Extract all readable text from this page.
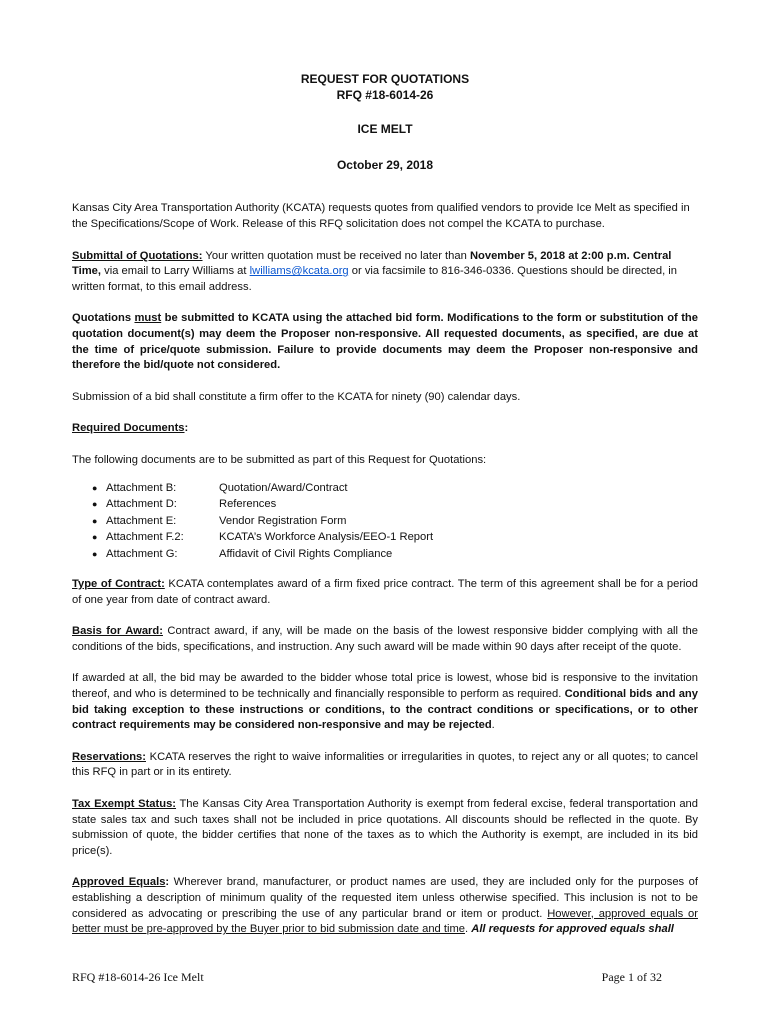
REQUEST FOR QUOTATIONS
RFQ #18-6014-26
ICE MELT
October 29, 2018

Kansas City Area Transportation Authority (KCATA) requests quotes from qualified vendors to provide Ice Melt as specified in the Specifications/Scope of Work. Release of this RFQ solicitation does not compel the KCATA to purchase.

Submittal of Quotations: Your written quotation must be received no later than November 5, 2018 at 2:00 p.m. Central Time, via email to Larry Williams at lwilliams@kcata.org or via facsimile to 816-346-0336. Questions should be directed, in written format, to this email address.

Quotations must be submitted to KCATA using the attached bid form. Modifications to the form or substitution of the quotation document(s) may deem the Proposer non-responsive. All requested documents, as specified, are due at the time of price/quote submission. Failure to provide documents may deem the Proposer non-responsive and therefore the bid/quote not considered.

Submission of a bid shall constitute a firm offer to the KCATA for ninety (90) calendar days.

Required Documents:

The following documents are to be submitted as part of this Request for Quotations:

● Attachment B:	Quotation/Award/Contract
● Attachment D:	References
● Attachment E:	Vendor Registration Form
● Attachment F.2:	KCATA’s Workforce Analysis/EEO-1 Report
● Attachment G:	Affidavit of Civil Rights Compliance

Type of Contract: KCATA contemplates award of a firm fixed price contract. The term of this agreement shall be for a period of one year from date of contract award.

Basis for Award: Contract award, if any, will be made on the basis of the lowest responsive bidder complying with all the conditions of the bids, specifications, and instruction. Any such award will be made within 90 days after receipt of the quote.

If awarded at all, the bid may be awarded to the bidder whose total price is lowest, whose bid is responsive to the invitation thereof, and who is determined to be technically and financially responsible to perform as required. Conditional bids and any bid taking exception to these instructions or conditions, to the contract conditions or specifications, or to other contract requirements may be considered non-responsive and may be rejected.

Reservations: KCATA reserves the right to waive informalities or irregularities in quotes, to reject any or all quotes; to cancel this RFQ in part or in its entirety.

Tax Exempt Status: The Kansas City Area Transportation Authority is exempt from federal excise, federal transportation and state sales tax and such taxes shall not be included in price quotations. All discounts should be reflected in the quote. By submission of quote, the bidder certifies that none of the taxes as to which the Authority is exempt, are included in its bid price(s).

Approved Equals: Wherever brand, manufacturer, or product names are used, they are included only for the purposes of establishing a description of minimum quality of the requested item unless otherwise specified. This inclusion is not to be considered as advocating or prescribing the use of any particular brand or item or product. However, approved equals or better must be pre-approved by the Buyer prior to bid submission date and time. All requests for approved equals shall

RFQ #18-6014-26 Ice Melt	Page 1 of 32
